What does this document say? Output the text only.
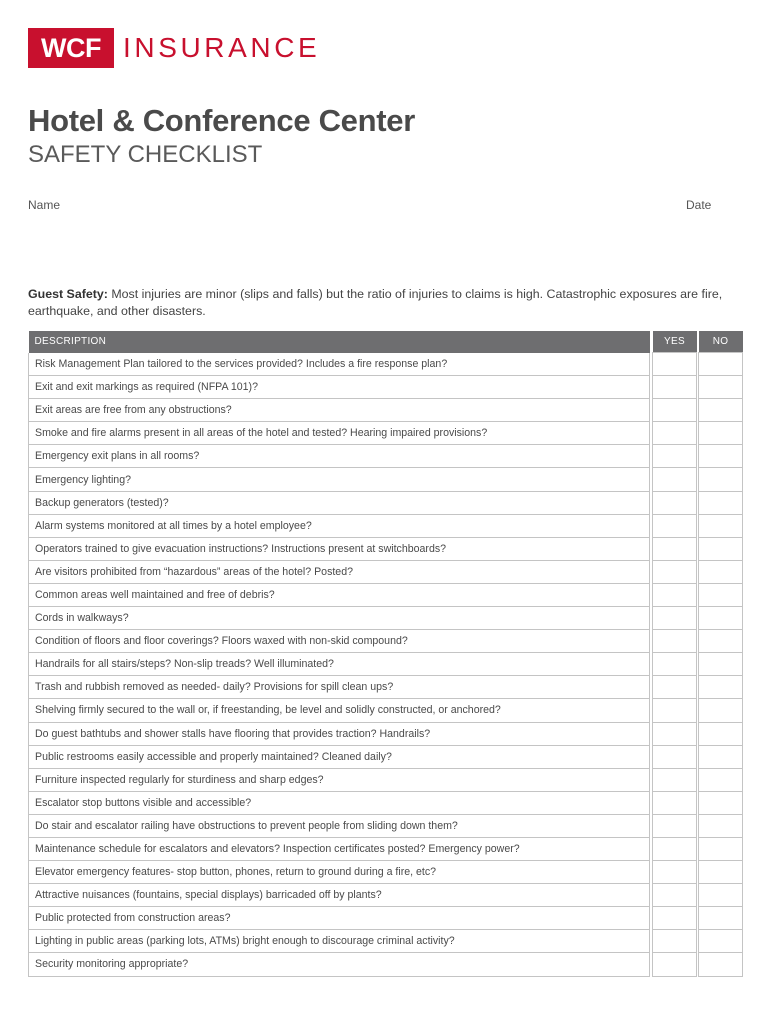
WCF INSURANCE
Hotel & Conference Center
SAFETY CHECKLIST
Name	Date

Guest Safety: Most injuries are minor (slips and falls) but the ratio of injuries to claims is high. Catastrophic exposures are fire, earthquake, and other disasters.

DESCRIPTION		YES		NO
Risk Management Plan tailored to the services provided? Includes a fire response plan?				
Exit and exit markings as required (NFPA 101)?				
Exit areas are free from any obstructions?				
Smoke and fire alarms present in all areas of the hotel and tested? Hearing impaired provisions?				
Emergency exit plans in all rooms?				
Emergency lighting?				
Backup generators (tested)?				
Alarm systems monitored at all times by a hotel employee?				
Operators trained to give evacuation instructions? Instructions present at switchboards?				
Are visitors prohibited from “hazardous” areas of the hotel? Posted?				
Common areas well maintained and free of debris?				
Cords in walkways?				
Condition of floors and floor coverings? Floors waxed with non-skid compound?				
Handrails for all stairs/steps? Non-slip treads? Well illuminated?				
Trash and rubbish removed as needed- daily? Provisions for spill clean ups?				
Shelving firmly secured to the wall or, if freestanding, be level and solidly constructed, or anchored?				
Do guest bathtubs and shower stalls have flooring that provides traction? Handrails?				
Public restrooms easily accessible and properly maintained? Cleaned daily?				
Furniture inspected regularly for sturdiness and sharp edges?				
Escalator stop buttons visible and accessible?				
Do stair and escalator railing have obstructions to prevent people from sliding down them?				
Maintenance schedule for escalators and elevators? Inspection certificates posted? Emergency power?				
Elevator emergency features- stop button, phones, return to ground during a fire, etc?				
Attractive nuisances (fountains, special displays) barricaded off by plants?				
Public protected from construction areas?				
Lighting in public areas (parking lots, ATMs) bright enough to discourage criminal activity?				
Security monitoring appropriate?				
